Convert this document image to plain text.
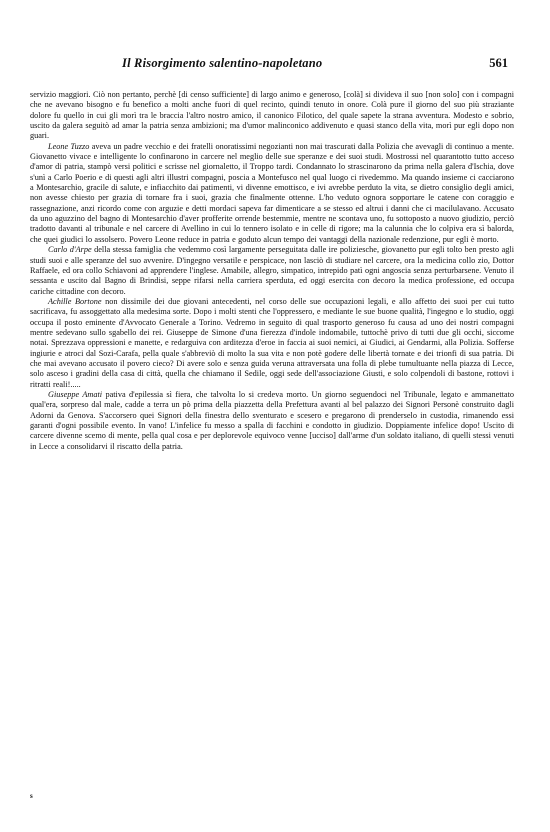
Il Risorgimento salentino-napoletano	561

servizio maggiori. Ciò non pertanto, perchè [di censo sufficiente] di largo animo e generoso, [colà] si divideva il suo [non solo] con i compagni che ne avevano bisogno e fu benefico a molti anche fuori di quel recinto, quindi tenuto in onore. Colà pure il giorno del suo più straziante dolore fu quello in cui gli morì tra le braccia l'altro nostro amico, il canonico Filotico, del quale sapete la strana avventura. Modesto e sobrio, uscito da galera seguitò ad amar la patria senza ambizioni; ma d'umor malinconico addivenuto e quasi stanco della vita, morì pur egli dopo non guari.

Leone Tuzzo aveva un padre vecchio e dei fratelli onoratissimi negozianti non mai trascurati dalla Polizia che avevagli di continuo a mente. Giovanetto vivace e intelligente lo confinarono in carcere nel meglio delle sue speranze e dei suoi studi. Mostrossi nel quarantotto tutto acceso d'amor di patria, stampò versi politici e scrisse nel giornaletto, il Troppo tardi. Condannato lo strascinarono da prima nella galera d'Ischia, dove s'unì a Carlo Poerio e di questi agli altri illustri compagni, poscia a Montefusco nel qual luogo ci rivedemmo. Ma quando insieme ci cacciarono a Montesarchio, gracile di salute, e infiacchito dai patimenti, vi divenne emottisco, e ivi avrebbe perduto la vita, se dietro consiglio degli amici, non avesse chiesto per grazia di tornare fra i suoi, grazia che finalmente ottenne. L'ho veduto ognora sopportare le catene con coraggio e rassegnazione, anzi ricordo come con arguzie e detti mordaci sapeva far dimenticare a se stesso ed altrui i danni che ci macilulavano. Accusato da uno aguzzino del bagno di Montesarchio d'aver profferite orrende bestemmie, mentre ne scontava uno, fu sottoposto a nuovo giudizio, perciò tradotto davanti al tribunale e nel carcere di Avellino in cui lo tennero isolato e in celle di rigore; ma la calunnia che lo colpiva era sì balorda, che quei giudici lo assolsero. Povero Leone reduce in patria e goduto alcun tempo dei vantaggi della nazionale redenzione, pur egli è morto.

Carlo d'Arpe della stessa famiglia che vedemmo così largamente perseguitata dalle ire poliziesche, giovanetto pur egli tolto ben presto agli studi suoi e alle speranze del suo avvenire. D'ingegno versatile e perspicace, non lasciò di studiare nel carcere, ora la medicina collo zio, Dottor Raffaele, ed ora collo Schiavoni ad apprendere l'inglese. Amabile, allegro, simpatico, intrepido patì ogni angoscia senza perturbarsene. Venuto il sessanta e uscito dal Bagno di Brindisi, seppe rifarsi nella carriera sperduta, ed oggi esercita con decoro la medica professione, ed occupa cariche cittadine con decoro.

Achille Bortone non dissimile dei due giovani antecedenti, nel corso delle sue occupazioni legali, e allo affetto dei suoi per cui tutto sacrificava, fu assoggettato alla medesima sorte. Dopo i molti stenti che l'oppressero, e mediante le sue buone qualità, l'ingegno e lo studio, oggi occupa il posto eminente d'Avvocato Generale a Torino. Vedremo in seguito di qual trasporto generoso fu causa ad uno dei nostri compagni mentre sedevano sullo sgabello dei rei. Giuseppe de Simone d'una fierezza d'indole indomabile, tuttochè privo di tutti due gli occhi, siccome notai. Sprezzava oppressioni e manette, e redarguiva con arditezza d'eroe in faccia ai suoi nemici, ai Giudici, ai Gendarmi, alla Polizia. Sofferse ingiurie e atroci dal Sozi-Carafa, pella quale s'abbreviò di molto la sua vita e non potè godere delle libertà tornate e dei trionfi di sua patria. Di che mai avevano accusato il povero cieco? Di avere solo e senza guida veruna attraversata una folla di plebe tumultuante nella piazza di Lecce, solo asceso i gradini della casa di città, quella che chiamano il Sedile, oggi sede dell'associazione Giusti, e solo colpendoli di bastone, rottovi i ritratti reali!.....

Giuseppe Amati pativa d'epilessia sì fiera, che talvolta lo si credeva morto. Un giorno seguendoci nel Tribunale, legato e ammanettato qual'era, sorpreso dal male, cadde a terra un pò prima della piazzetta della Prefettura avanti al bel palazzo dei Signori Personè construito dagli Adorni da Genova. S'accorsero quei Signori della finestra dello sventurato e scesero e pregarono di prenderselo in custodia, rimanendo essi garanti d'ogni possibile evento. In vano! L'infelice fu messo a spalla di facchini e condotto in giudizio. Doppiamente infelice dopo! Uscito di carcere divenne scemo di mente, pella qual cosa e per deplorevole equivoco venne [ucciso] dall'arme d'un soldato italiano, di quelli stessi venuti in Lecce a consolidarvi il riscatto della patria.

s
